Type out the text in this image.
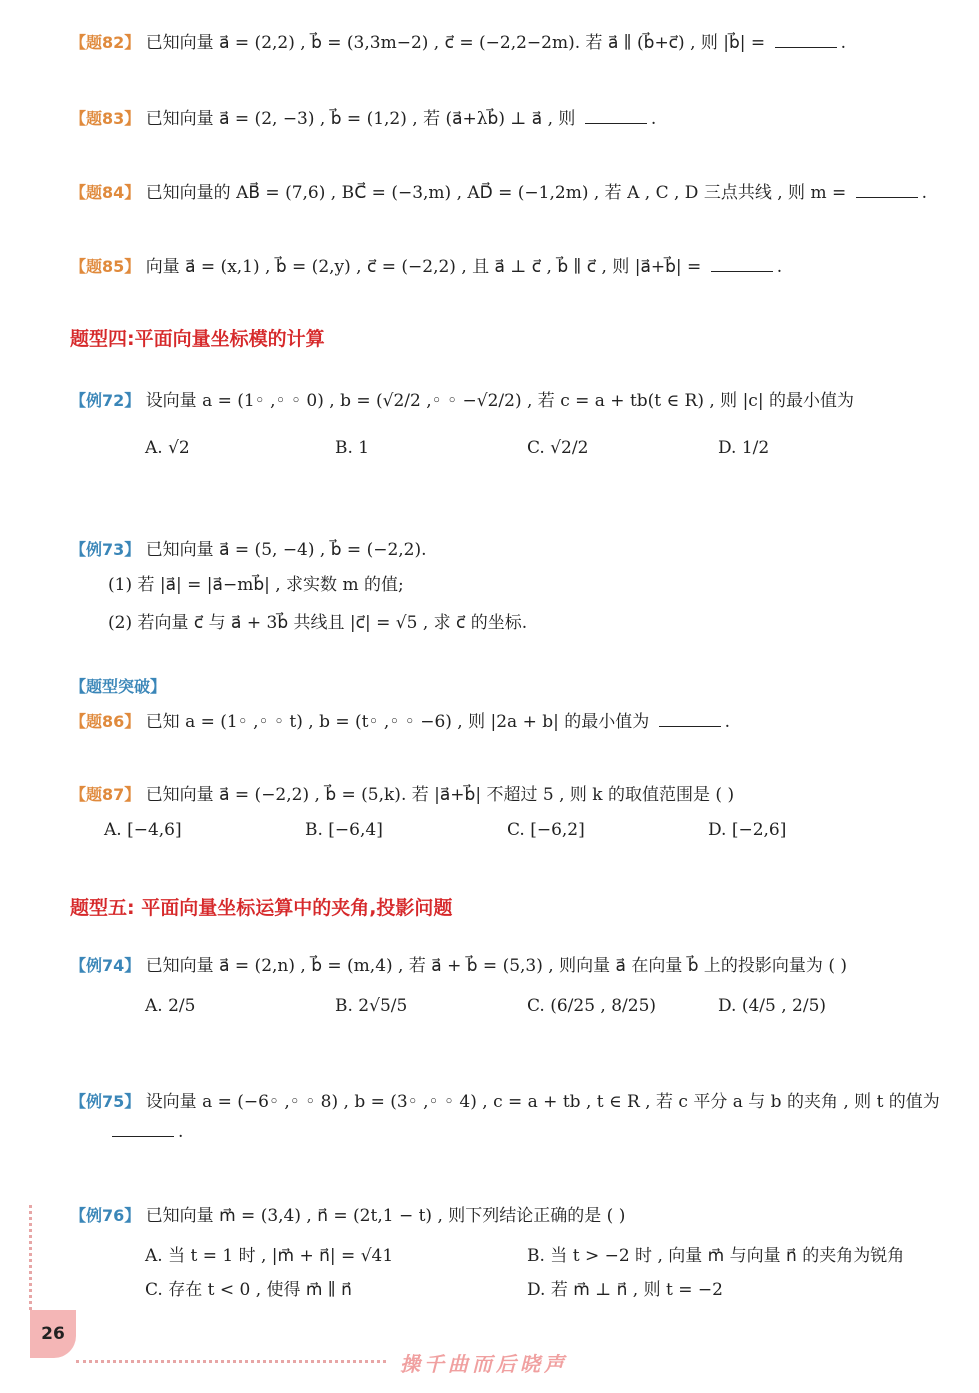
【题82】 已知向量 a⃗ = (2,2) , b⃗ = (3,3m−2) , c⃗ = (−2,2−2m). 若 a⃗ ∥ (b⃗+c⃗) , 则 |b⃗| =	.
【题83】 已知向量 a⃗ = (2, −3) , b⃗ = (1,2) , 若 (a⃗+λb⃗) ⊥ a⃗ , 则	.
【题84】 已知向量的 AB⃗ = (7,6) , BC⃗ = (−3,m) , AD⃗ = (−1,2m) , 若 A , C , D 三点共线 , 则 m =	.
【题85】 向量 a⃗ = (x,1) , b⃗ = (2,y) , c⃗ = (−2,2) , 且 a⃗ ⊥ c⃗ , b⃗ ∥ c⃗ , 则 |a⃗+b⃗| =	.
题型四:平面向量坐标模的计算
【例72】 设向量 a = (1◦ ,◦ ◦ 0) , b = (√2/2 ,◦ ◦ −√2/2) , 若 c = a + tb(t ∈ R) , 则 |c| 的最小值为
A. √2	B. 1	C. √2/2	D. 1/2
【例73】 已知向量 a⃗ = (5, −4) , b⃗ = (−2,2).
(1) 若 |a⃗| = |a⃗−mb⃗| , 求实数 m 的值;
(2) 若向量 c⃗ 与 a⃗ + 3b⃗ 共线且 |c⃗| = √5 , 求 c⃗ 的坐标.
【题型突破】
【题86】 已知 a = (1◦ ,◦ ◦ t) , b = (t◦ ,◦ ◦ −6) , 则 |2a + b| 的最小值为	.
【题87】 已知向量 a⃗ = (−2,2) , b⃗ = (5,k). 若 |a⃗+b⃗| 不超过 5 , 则 k 的取值范围是 ( )
A. [−4,6]	B. [−6,4]	C. [−6,2]	D. [−2,6]
题型五: 平面向量坐标运算中的夹角,投影问题
【例74】 已知向量 a⃗ = (2,n) , b⃗ = (m,4) , 若 a⃗ + b⃗ = (5,3) , 则向量 a⃗ 在向量 b⃗ 上的投影向量为 ( )
A. 2/5	B. 2√5/5	C. (6/25 , 8/25)	D. (4/5 , 2/5)
【例75】 设向量 a = (−6◦ ,◦ ◦ 8) , b = (3◦ ,◦ ◦ 4) , c = a + tb , t ∈ R , 若 c 平分 a 与 b 的夹角 , 则 t 的值为
.
【例76】 已知向量 m⃗ = (3,4) , n⃗ = (2t,1 − t) , 则下列结论正确的是 ( )
A. 当 t = 1 时 , |m⃗ + n⃗| = √41	B. 当 t > −2 时 , 向量 m⃗ 与向量 n⃗ 的夹角为锐角
C. 存在 t < 0 , 使得 m⃗ ∥ n⃗	D. 若 m⃗ ⊥ n⃗ , 则 t = −2
26
操千曲而后晓声
